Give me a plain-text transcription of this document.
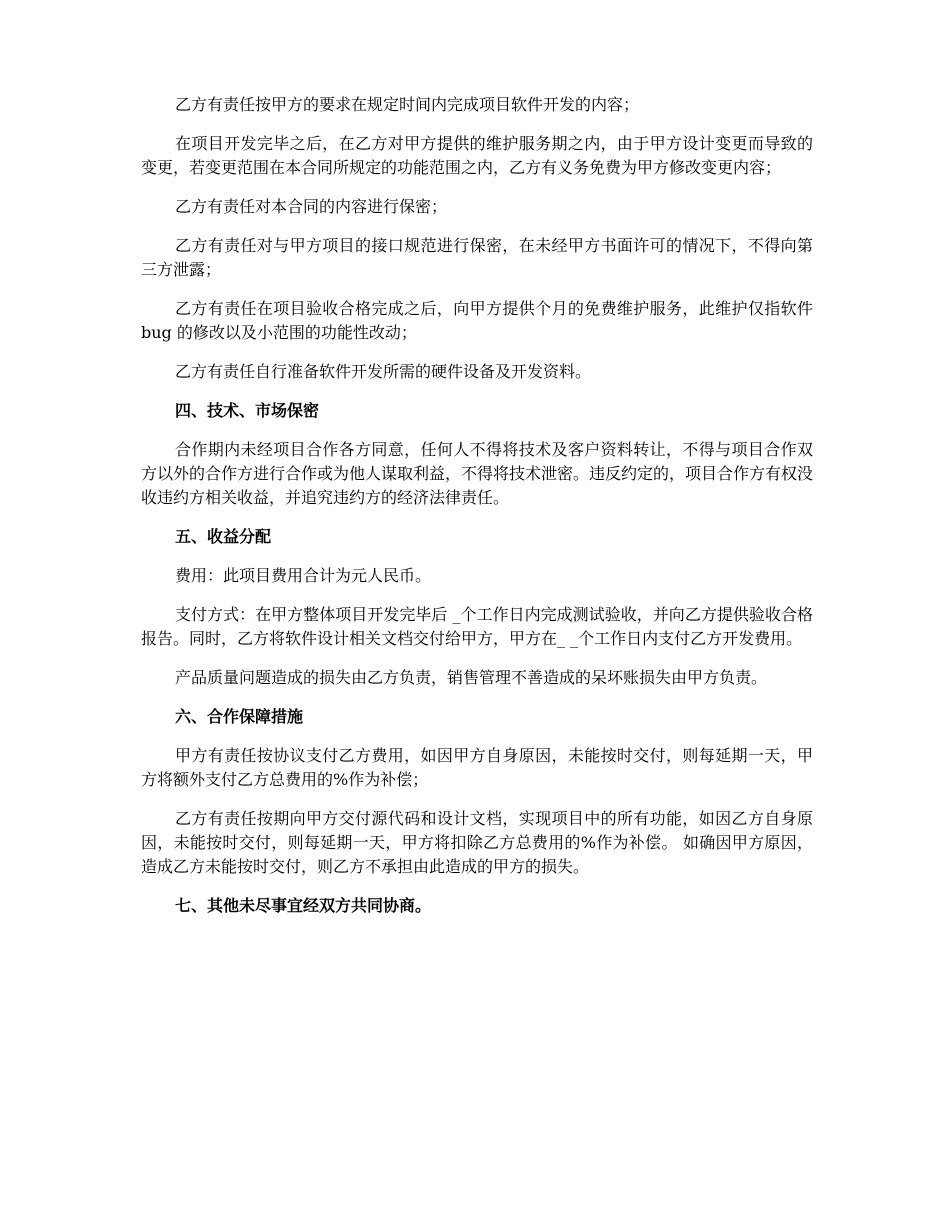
乙方有责任按甲方的要求在规定时间内完成项目软件开发的内容；

在项目开发完毕之后，在乙方对甲方提供的维护服务期之内，由于甲方设计变更而导致的变更，若变更范围在本合同所规定的功能范围之内，乙方有义务免费为甲方修改变更内容；

乙方有责任对本合同的内容进行保密；

乙方有责任对与甲方项目的接口规范进行保密，在未经甲方书面许可的情况下，不得向第三方泄露；

乙方有责任在项目验收合格完成之后，向甲方提供个月的免费维护服务，此维护仅指软件 bug 的修改以及小范围的功能性改动；

乙方有责任自行准备软件开发所需的硬件设备及开发资料。

四、技术、市场保密

合作期内未经项目合作各方同意，任何人不得将技术及客户资料转让，不得与项目合作双方以外的合作方进行合作或为他人谋取利益，不得将技术泄密。违反约定的，项目合作方有权没收违约方相关收益，并追究违约方的经济法律责任。

五、收益分配

费用：此项目费用合计为元人民币。

支付方式：在甲方整体项目开发完毕后 _个工作日内完成测试验收，并向乙方提供验收合格报告。同时，乙方将软件设计相关文档交付给甲方，甲方在_ _个工作日内支付乙方开发费用。

产品质量问题造成的损失由乙方负责，销售管理不善造成的呆坏账损失由甲方负责。

六、合作保障措施

甲方有责任按协议支付乙方费用，如因甲方自身原因，未能按时交付，则每延期一天，甲方将额外支付乙方总费用的%作为补偿；

乙方有责任按期向甲方交付源代码和设计文档，实现项目中的所有功能，如因乙方自身原因，未能按时交付，则每延期一天，甲方将扣除乙方总费用的%作为补偿。 如确因甲方原因，造成乙方未能按时交付，则乙方不承担由此造成的甲方的损失。

七、其他未尽事宜经双方共同协商。
